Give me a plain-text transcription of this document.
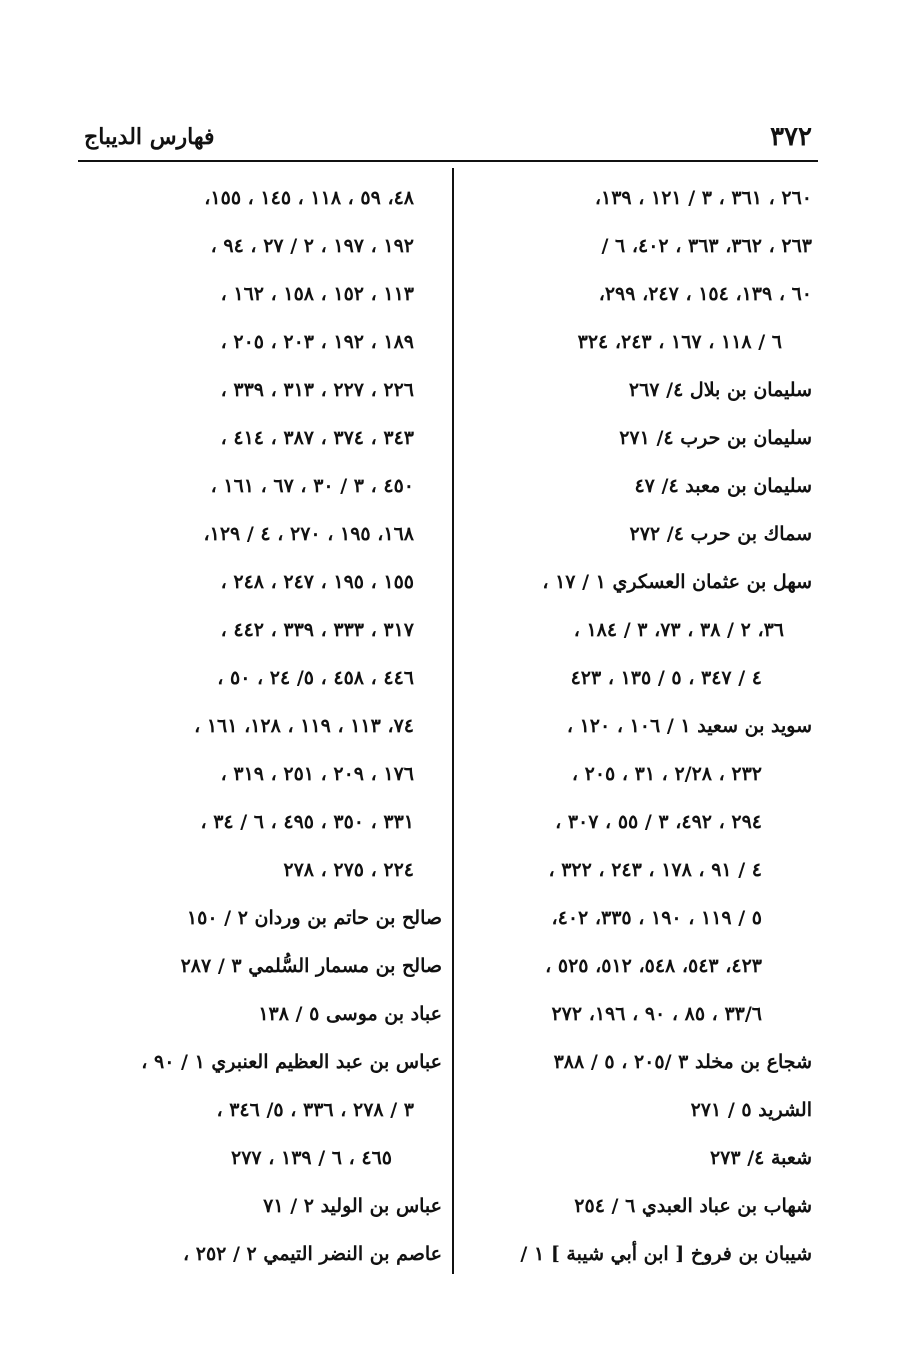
٣٧٢
فهارس الديباج
٢٦٠ ، ٣٦١ ، ٣ / ١٢١ ، ١٣٩،
٢٦٣ ، ٣٦٢، ٣٦٣ ، ٤٠٢، ٦ /
٦٠ ، ١٣٩، ١٥٤ ، ٢٤٧، ٢٩٩،
٦ / ١١٨ ، ١٦٧ ، ٢٤٣، ٣٢٤
سليمان بن بلال ٤/ ٢٦٧
سليمان بن حرب ٤/ ٢٧١
سليمان بن معبد ٤/ ٤٧
سماك بن حرب ٤/ ٢٧٢
سهل بن عثمان العسكري ١ / ١٧ ،
٣٦، ٢ / ٣٨ ، ٧٣، ٣ / ١٨٤ ،
٤ / ٣٤٧ ، ٥ / ١٣٥ ، ٤٢٣
سويد بن سعيد ١ / ١٠٦ ، ١٢٠ ،
٢٣٢ ، ٢/٢٨ ، ٣١ ، ٢٠٥ ،
٢٩٤ ، ٤٩٢، ٣ / ٥٥ ، ٣٠٧ ،
٤ / ٩١ ، ١٧٨ ، ٢٤٣ ، ٣٢٢ ،
٥ / ١١٩ ، ١٩٠ ، ٣٣٥، ٤٠٢،
٤٢٣، ٥٤٣، ٥٤٨، ٥١٢، ٥٢٥ ،
٣٣/٦ ، ٨٥ ، ٩٠ ، ١٩٦، ٢٧٢
شجاع بن مخلد ٣ /٢٠٥ ، ٥ / ٣٨٨
الشريد ٥ / ٢٧١
شعبة ٤/ ٢٧٣
شهاب بن عباد العبدي ٦ / ٢٥٤
شيبان بن فروخ [ ابن أبي شيبة ] ١ /
٤٨، ٥٩ ، ١١٨ ، ١٤٥ ، ١٥٥،
١٩٢ ، ١٩٧ ، ٢ / ٢٧ ، ٩٤ ،
١١٣ ، ١٥٢ ، ١٥٨ ، ١٦٢ ،
١٨٩ ، ١٩٢ ، ٢٠٣ ، ٢٠٥ ،
٢٢٦ ، ٢٢٧ ، ٣١٣ ، ٣٣٩ ،
٣٤٣ ، ٣٧٤ ، ٣٨٧ ، ٤١٤ ،
٤٥٠ ، ٣ / ٣٠ ، ٦٧ ، ١٦١ ،
١٦٨، ١٩٥ ، ٢٧٠ ، ٤ / ١٢٩،
١٥٥ ، ١٩٥ ، ٢٤٧ ، ٢٤٨ ،
٣١٧ ، ٣٣٣ ، ٣٣٩ ، ٤٤٢ ،
٤٤٦ ، ٤٥٨ ، ٥/ ٢٤ ، ٥٠ ،
٧٤، ١١٣ ، ١١٩ ، ١٢٨، ١٦١ ،
١٧٦ ، ٢٠٩ ، ٢٥١ ، ٣١٩ ،
٣٣١ ، ٣٥٠ ، ٤٩٥ ، ٦ / ٣٤ ،
٢٢٤ ، ٢٧٥ ، ٢٧٨
صالح بن حاتم بن وردان ٢ / ١٥٠
صالح بن مسمار السُّلمي ٣ / ٢٨٧
عباد بن موسى ٥ / ١٣٨
عباس بن عبد العظيم العنبري ١ / ٩٠ ،
٣ / ٢٧٨ ، ٣٣٦ ، ٥/ ٣٤٦ ،
٤٦٥ ، ٦ / ١٣٩ ، ٢٧٧
عباس بن الوليد ٢ / ٧١
عاصم بن النضر التيمي ٢ / ٢٥٢ ،
